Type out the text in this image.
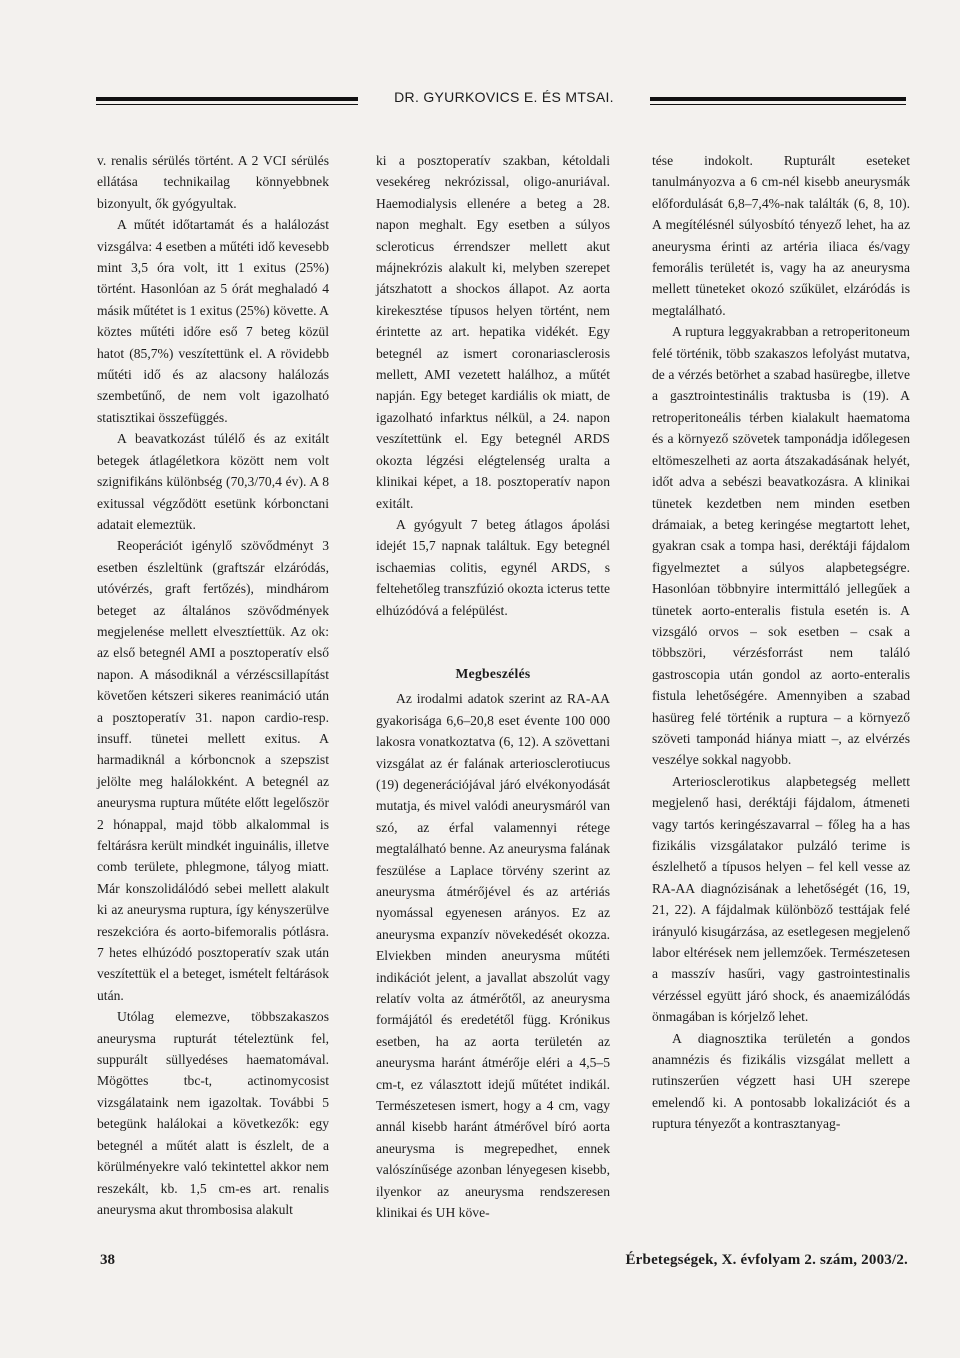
DR. GYURKOVICS E. ÉS MTSAI.

v. renalis sérülés történt. A 2 VCI sérülés ellátása technikailag könnyebbnek bizonyult, ők gyógyultak.

A műtét időtartamát és a halálozást vizsgálva: 4 esetben a műtéti idő kevesebb mint 3,5 óra volt, itt 1 exitus (25%) történt. Hasonlóan az 5 órát meghaladó 4 másik műtétet is 1 exitus (25%) követte. A köztes műtéti időre eső 7 beteg közül hatot (85,7%) veszítettünk el. A rövidebb műtéti idő és az alacsony halálozás szembetűnő, de nem volt igazolható statisztikai összefüggés.

A beavatkozást túlélő és az exitált betegek átlagéletkora között nem volt szignifikáns különbség (70,3/70,4 év). A 8 exitussal végződött esetünk kórbonctani adatait elemeztük.

Reoperációt igénylő szövődményt 3 esetben észleltünk (graftszár elzáródás, utóvérzés, graft fertőzés), mindhárom beteget az általános szövődmények megjelenése mellett elvesztíettük. Az ok: az első betegnél AMI a posztoperatív első napon. A másodiknál a vérzéscsillapítást követően kétszeri sikeres reanimáció után a posztoperatív 31. napon cardio-resp. insuff. tünetei mellett exitus. A harmadiknál a kórboncnok a szepszist jelölte meg halálokként. A betegnél az aneurysma ruptura műtéte előtt legelőször 2 hónappal, majd több alkalommal is feltárásra került mindkét inguinális, illetve comb területe, phlegmone, tályog miatt. Már konszolidálódó sebei mellett alakult ki az aneurysma ruptura, így kényszerülve reszekcióra és aorto-bifemoralis pótlásra. 7 hetes elhúzódó posztoperatív szak után veszítettük el a beteget, ismételt feltárások után.

Utólag elemezve, többszakaszos aneurysma rupturát tételeztünk fel, suppurált süllyedéses haematomával. Mögöttes tbc-t, actinomycosist vizsgálataink nem igazoltak. További 5 betegünk halálokai a következők: egy betegnél a műtét alatt is észlelt, de a körülményekre való tekintettel akkor nem reszekált, kb. 1,5 cm-es art. renalis aneurysma akut thrombosisa alakult

ki a posztoperatív szakban, kétoldali vesekéreg nekrózissal, oligo-anuriával. Haemodialysis ellenére a beteg a 28. napon meghalt. Egy esetben a súlyos scleroticus érrendszer mellett akut májnekrózis alakult ki, melyben szerepet játszhatott a shockos állapot. Az aorta kirekesztése típusos helyen történt, nem érintette az art. hepatika vidékét. Egy betegnél az ismert coronariasclerosis mellett, AMI vezetett halálhoz, a műtét napján. Egy beteget kardiális ok miatt, de igazolható infarktus nélkül, a 24. napon veszítettünk el. Egy betegnél ARDS okozta légzési elégtelenség uralta a klinikai képet, a 18. posztoperatív napon exitált.

A gyógyult 7 beteg átlagos ápolási idejét 15,7 napnak találtuk. Egy betegnél ischaemias colitis, egynél ARDS, s feltehetőleg transzfúzió okozta icterus tette elhúzódóvá a felépülést.

Megbeszélés

Az irodalmi adatok szerint az RA-AA gyakorisága 6,6–20,8 eset évente 100 000 lakosra vonatkoztatva (6, 12). A szövettani vizsgálat az ér falának arteriosclerotiucus (19) degenerációjával járó elvékonyodását mutatja, és mivel valódi aneurysmáról van szó, az érfal valamennyi rétege megtalálható benne. Az aneurysma falának feszülése a Laplace törvény szerint az aneurysma átmérőjével és az artériás nyomással egyenesen arányos. Ez az aneurysma expanzív növekedését okozza. Elviekben minden aneurysma műtéti indikációt jelent, a javallat abszolút vagy relatív volta az átmérőtől, az aneurysma formájától és eredetétől függ. Krónikus esetben, ha az aorta területén az aneurysma haránt átmérője eléri a 4,5–5 cm-t, ez választott idejű műtétet indikál. Természetesen ismert, hogy a 4 cm, vagy annál kisebb haránt átmérővel bíró aorta aneurysma is megrepedhet, ennek valószínűsége azonban lényegesen kisebb, ilyenkor az aneurysma rendszeresen klinikai és UH köve-

tése indokolt. Rupturált eseteket tanulmányozva a 6 cm-nél kisebb aneurysmák előfordulását 6,8–7,4%-nak találták (6, 8, 10). A megítélésnél súlyosbító tényező lehet, ha az aneurysma érinti az artéria iliaca és/vagy femorális területét is, vagy ha az aneurysma mellett tüneteket okozó szűkület, elzáródás is megtalálható.

A ruptura leggyakrabban a retroperitoneum felé történik, több szakaszos lefolyást mutatva, de a vérzés betörhet a szabad hasüregbe, illetve a gasztrointestinális traktusba is (19). A retroperitoneális térben kialakult haematoma és a környező szövetek tamponádja időlegesen eltömeszelheti az aorta átszakadásának helyét, időt adva a sebészi beavatkozásra. A klinikai tünetek kezdetben nem minden esetben drámaiak, a beteg keringése megtartott lehet, gyakran csak a tompa hasi, deréktáji fájdalom figyelmeztet a súlyos alapbetegségre. Hasonlóan többnyire intermittáló jellegűek a tünetek aorto-enteralis fistula esetén is. A vizsgáló orvos – sok esetben – csak a többszöri, vérzésforrást nem találó gastroscopia után gondol az aorto-enteralis fistula lehetőségére. Amennyiben a szabad hasüreg felé történik a ruptura – a környező szöveti tamponád hiánya miatt –, az elvérzés veszélye sokkal nagyobb.

Arteriosclerotikus alapbetegség mellett megjelenő hasi, deréktáji fájdalom, átmeneti vagy tartós keringészavarral – főleg ha a has fizikális vizsgálatakor pulzáló terime is észlelhető a típusos helyen – fel kell vesse az RA-AA diagnózisának a lehetőségét (16, 19, 21, 22). A fájdalmak különböző testtájak felé irányuló kisugárzása, az esetlegesen megjelenő labor eltérések nem jellemzőek. Természetesen a masszív hasűri, vagy gastrointestinalis vérzéssel együtt járó shock, és anaemizálódás önmagában is kórjelző lehet.

A diagnosztika területén a gondos anamnézis és fizikális vizsgálat mellett a rutinszerűen végzett hasi UH szerepe emelendő ki. A pontosabb lokalizációt és a ruptura tényezőt a kontrasztanyag-

38	Érbetegségek, X. évfolyam 2. szám, 2003/2.
